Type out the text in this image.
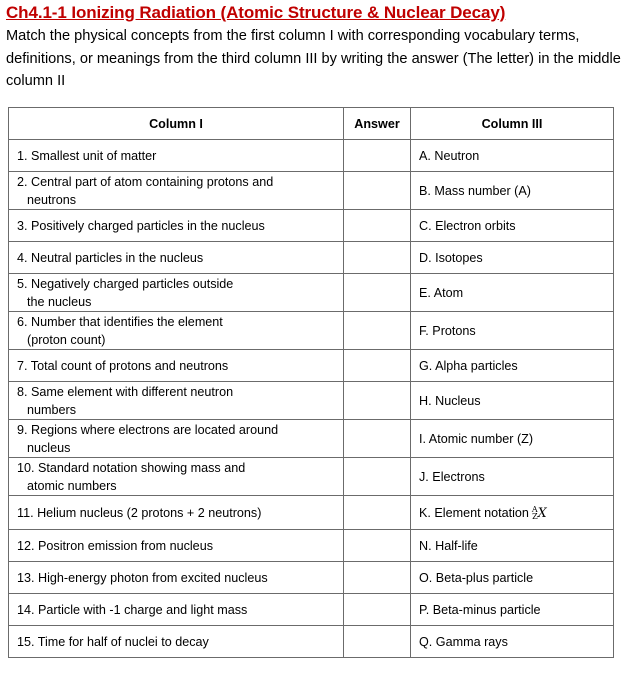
Ch4.1-1 Ionizing Radiation (Atomic Structure & Nuclear Decay)

Match the physical concepts from the first column I with corresponding vocabulary terms, definitions, or meanings from the third column III by writing the answer (The letter) in the middle column II

Column I	Answer	Column III

1. Smallest unit of matter		A. Neutron

2. Central part of atom containing protons and
neutrons		B. Mass number (A)

3. Positively charged particles in the nucleus		C. Electron orbits

4. Neutral particles in the nucleus		D. Isotopes

5. Negatively charged particles outside
the nucleus		E. Atom

6. Number that identifies the element
(proton count)		F. Protons

7. Total count of protons and neutrons		G. Alpha particles

8. Same element with different neutron
numbers		H. Nucleus

9. Regions where electrons are located around
nucleus		I. Atomic number (Z)

10. Standard notation showing mass and
atomic numbers		J. Electrons

11. Helium nucleus (2 protons + 2 neutrons)		K. Element notation A
ZX

12. Positron emission from nucleus		N. Half-life

13. High-energy photon from excited nucleus		O. Beta-plus particle

14. Particle with -1 charge and light mass		P. Beta-minus particle

15. Time for half of nuclei to decay		Q. Gamma rays
